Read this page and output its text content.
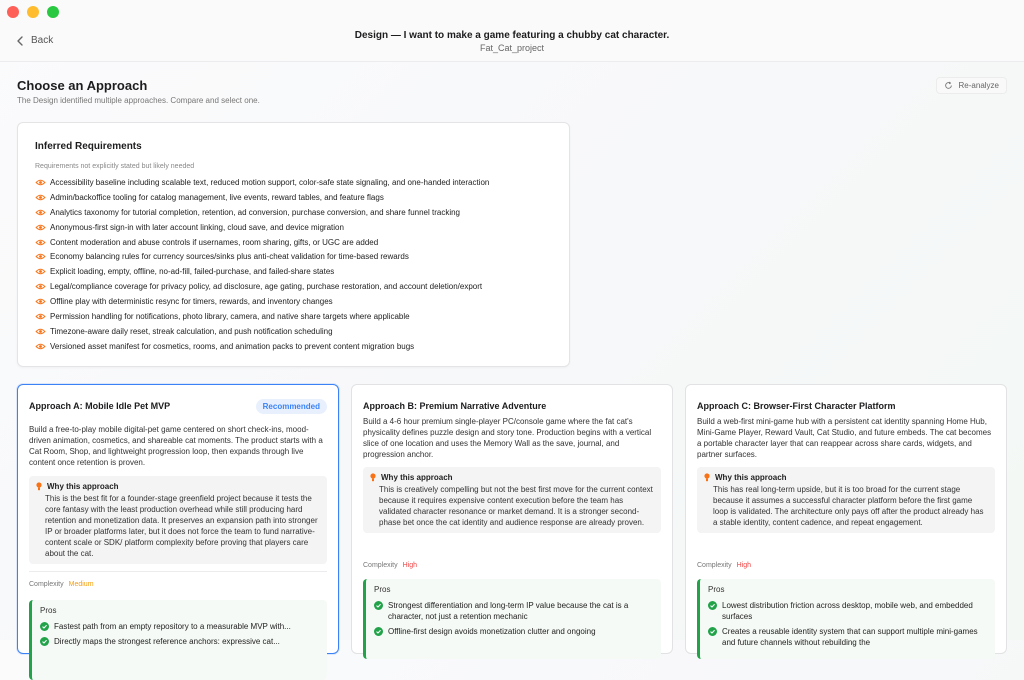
Back	Design — I want to make a game featuring a chubby cat character.
Fat_Cat_project
Choose an Approach
The Design identified multiple approaches. Compare and select one.
Re-analyze
Inferred Requirements
Requirements not explicitly stated but likely needed
Accessibility baseline including scalable text, reduced motion support, color-safe state signaling, and one-handed interaction
Admin/backoffice tooling for catalog management, live events, reward tables, and feature flags
Analytics taxonomy for tutorial completion, retention, ad conversion, purchase conversion, and share funnel tracking
Anonymous-first sign-in with later account linking, cloud save, and device migration
Content moderation and abuse controls if usernames, room sharing, gifts, or UGC are added
Economy balancing rules for currency sources/sinks plus anti-cheat validation for time-based rewards
Explicit loading, empty, offline, no-ad-fill, failed-purchase, and failed-share states
Legal/compliance coverage for privacy policy, ad disclosure, age gating, purchase restoration, and account deletion/export
Offline play with deterministic resync for timers, rewards, and inventory changes
Permission handling for notifications, photo library, camera, and native share targets where applicable
Timezone-aware daily reset, streak calculation, and push notification scheduling
Versioned asset manifest for cosmetics, rooms, and animation packs to prevent content migration bugs
Approach A: Mobile Idle Pet MVP	Recommended
Build a free-to-play mobile digital-pet game centered on short check-ins, mood-driven animation, cosmetics, and shareable cat moments. The product starts with a Cat Room, Shop, and lightweight progression loop, then expands through live content once retention is proven.
Why this approach
This is the best fit for a founder-stage greenfield project because it tests the core fantasy with the least production overhead while still producing hard retention and monetization data. It preserves an expansion path into stronger IP or broader platforms later, but it does not force the team to fund narrative-content scale or SDK/ platform complexity before proving that players care about the cat.
Complexity Medium
Pros
Fastest path from an empty repository to a measurable MVP with...
Directly maps the strongest reference anchors: expressive cat...
Approach B: Premium Narrative Adventure
Build a 4-6 hour premium single-player PC/console game where the fat cat's physicality defines puzzle design and story tone. Production begins with a vertical slice of one location and uses the Memory Wall as the save, journal, and progression anchor.
Why this approach
This is creatively compelling but not the best first move for the current context because it requires expensive content execution before the team has validated character resonance or market demand. It is a stronger second-phase bet once the cat identity and audience response are already proven.
Complexity High
Pros
Strongest differentiation and long-term IP value because the cat is a character, not just a retention mechanic
Offline-first design avoids monetization clutter and ongoing
Approach C: Browser-First Character Platform
Build a web-first mini-game hub with a persistent cat identity spanning Home Hub, Mini-Game Player, Reward Vault, Cat Studio, and future embeds. The cat becomes a portable character layer that can reappear across share cards, widgets, and partner surfaces.
Why this approach
This has real long-term upside, but it is too broad for the current stage because it assumes a successful character platform before the first game loop is validated. The architecture only pays off after the product already has a stable identity, content cadence, and repeat engagement.
Complexity High
Pros
Lowest distribution friction across desktop, mobile web, and embedded surfaces
Creates a reusable identity system that can support multiple mini-games and future channels without rebuilding the
